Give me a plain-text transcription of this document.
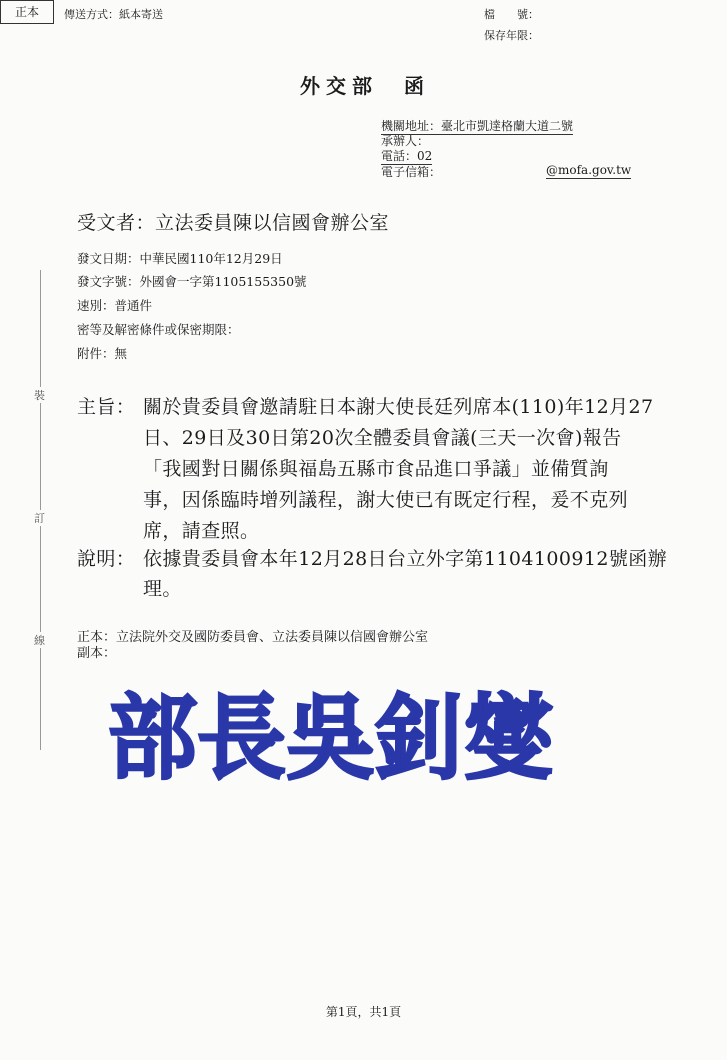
正本	傳送方式：紙本寄送	檔　　號：
保存年限：
裝
訂
線
外交部　函
機關地址：臺北市凱達格蘭大道二號
承辦人：
電話：02
電子信箱：	@mofa.gov.tw
受文者：立法委員陳以信國會辦公室
發文日期：中華民國110年12月29日
發文字號：外國會一字第1105155350號
速別：普通件
密等及解密條件或保密期限：
附件：無
主旨： 關於貴委員會邀請駐日本謝大使長廷列席本(110)年12月27
日、29日及30日第20次全體委員會議(三天一次會)報告
「我國對日關係與福島五縣市食品進口爭議」並備質詢
事，因係臨時增列議程，謝大使已有既定行程，爰不克列
席，請查照。
說明： 依據貴委員會本年12月28日台立外字第1104100912號函辦
理。
正本：立法院外交及國防委員會、立法委員陳以信國會辦公室
副本：
部長吳釗燮
第1頁，共1頁
